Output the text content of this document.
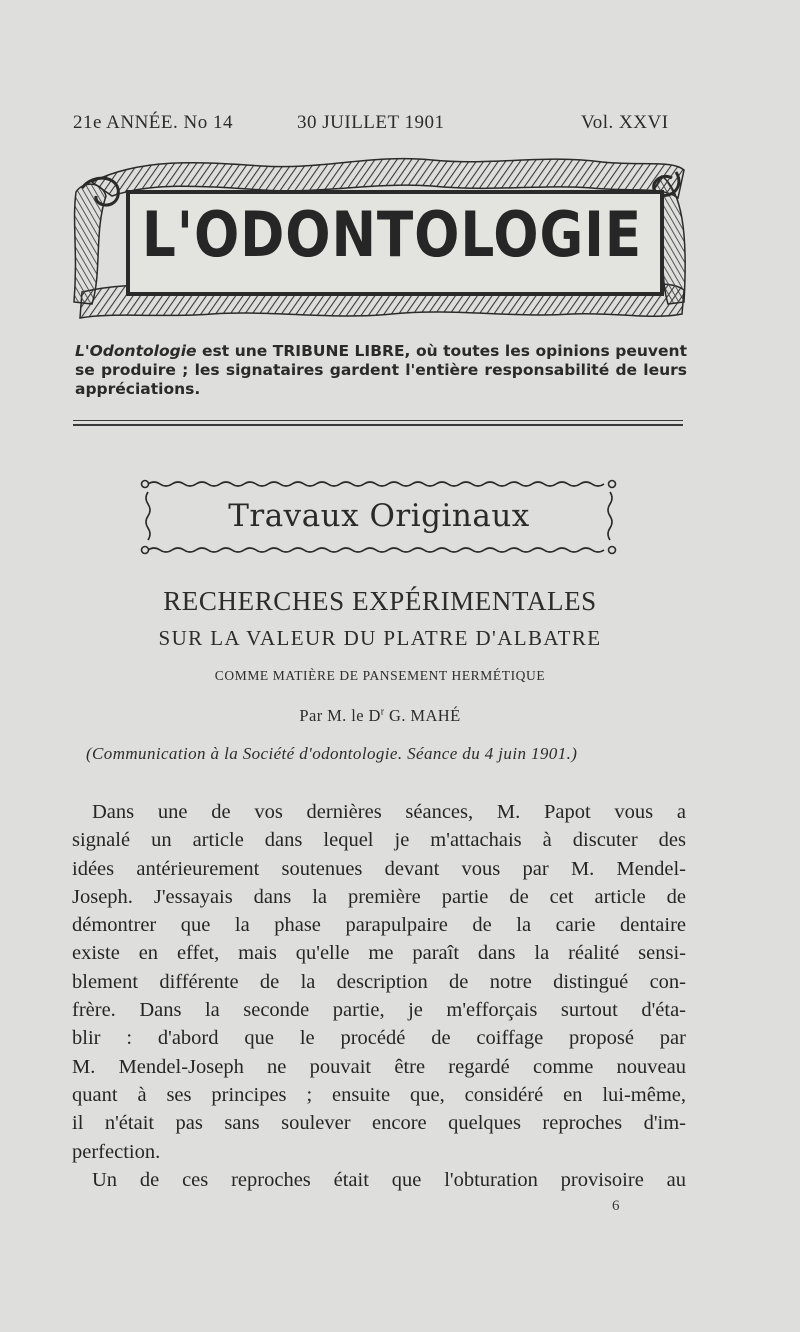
21e ANNÉE. No 14	30 JUILLET 1901	Vol. XXVI
L'ODONTOLOGIE
L'Odontologie est une TRIBUNE LIBRE, où toutes les opinions peuvent se produire ; les signataires gardent l'entière responsabilité de leurs appréciations.
Travaux Originaux
RECHERCHES EXPÉRIMENTALES
SUR LA VALEUR DU PLATRE D'ALBATRE
COMME MATIÈRE DE PANSEMENT HERMÉTIQUE
Par M. le $D^r$ G. MAHÉ
(Communication à la Société d'odontologie. Séance du 4 juin 1901.)
Dans une de vos dernières séances, M. Papot vous a
signalé un article dans lequel je m'attachais à discuter des
idées antérieurement soutenues devant vous par M. Mendel-
Joseph. J'essayais dans la première partie de cet article de
démontrer que la phase parapulpaire de la carie dentaire
existe en effet, mais qu'elle me paraît dans la réalité sensi-
blement différente de la description de notre distingué con-
frère. Dans la seconde partie, je m'efforçais surtout d'éta-
blir : d'abord que le procédé de coiffage proposé par
M. Mendel-Joseph ne pouvait être regardé comme nouveau
quant à ses principes ; ensuite que, considéré en lui-même,
il n'était pas sans soulever encore quelques reproches d'im-
perfection.
Un de ces reproches était que l'obturation provisoire au
6
